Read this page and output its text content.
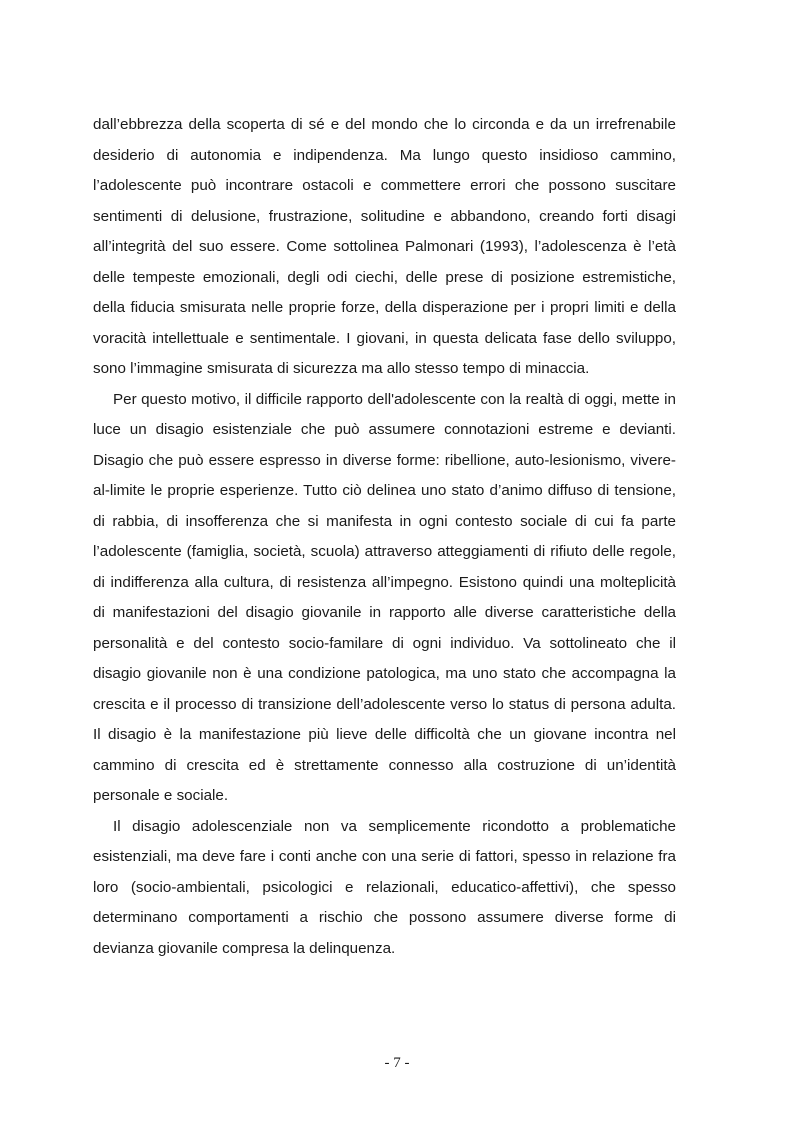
dall’ebbrezza della scoperta di sé e del mondo che lo circonda e da un irrefrenabile desiderio di autonomia e indipendenza. Ma lungo questo insidioso cammino, l’adolescente può incontrare ostacoli e commettere errori che possono suscitare sentimenti di delusione, frustrazione, solitudine e abbandono, creando forti disagi all’integrità del suo essere. Come sottolinea Palmonari (1993), l’adolescenza è l’età delle tempeste emozionali, degli odi ciechi, delle prese di posizione estremistiche, della fiducia smisurata nelle proprie forze, della disperazione per i propri limiti e della voracità intellettuale e sentimentale. I giovani, in questa delicata fase dello sviluppo, sono l’immagine smisurata di sicurezza ma allo stesso tempo di minaccia.

Per questo motivo, il difficile rapporto dell'adolescente con la realtà di oggi, mette in luce un disagio esistenziale che può assumere connotazioni estreme e devianti. Disagio che può essere espresso in diverse forme: ribellione, auto-lesionismo, vivere-al-limite le proprie esperienze. Tutto ciò delinea uno stato d’animo diffuso di tensione, di rabbia, di insofferenza che si manifesta in ogni contesto sociale di cui fa parte l’adolescente (famiglia, società, scuola) attraverso atteggiamenti di rifiuto delle regole, di indifferenza alla cultura, di resistenza all’impegno. Esistono quindi una molteplicità di manifestazioni del disagio giovanile in rapporto alle diverse caratteristiche della personalità e del contesto socio-familare di ogni individuo. Va sottolineato che il disagio giovanile non è una condizione patologica, ma uno stato che accompagna la crescita e il processo di transizione dell’adolescente verso lo status di persona adulta. Il disagio è la manifestazione più lieve delle difficoltà che un giovane incontra nel cammino di crescita ed è strettamente connesso alla costruzione di un’identità personale e sociale.

Il disagio adolescenziale non va semplicemente ricondotto a problematiche esistenziali, ma deve fare i conti anche con una serie di fattori, spesso in relazione fra loro (socio-ambientali, psicologici e relazionali, educatico-affettivi), che spesso determinano comportamenti a rischio che possono assumere diverse forme di devianza giovanile compresa la delinquenza.

- 7 -
